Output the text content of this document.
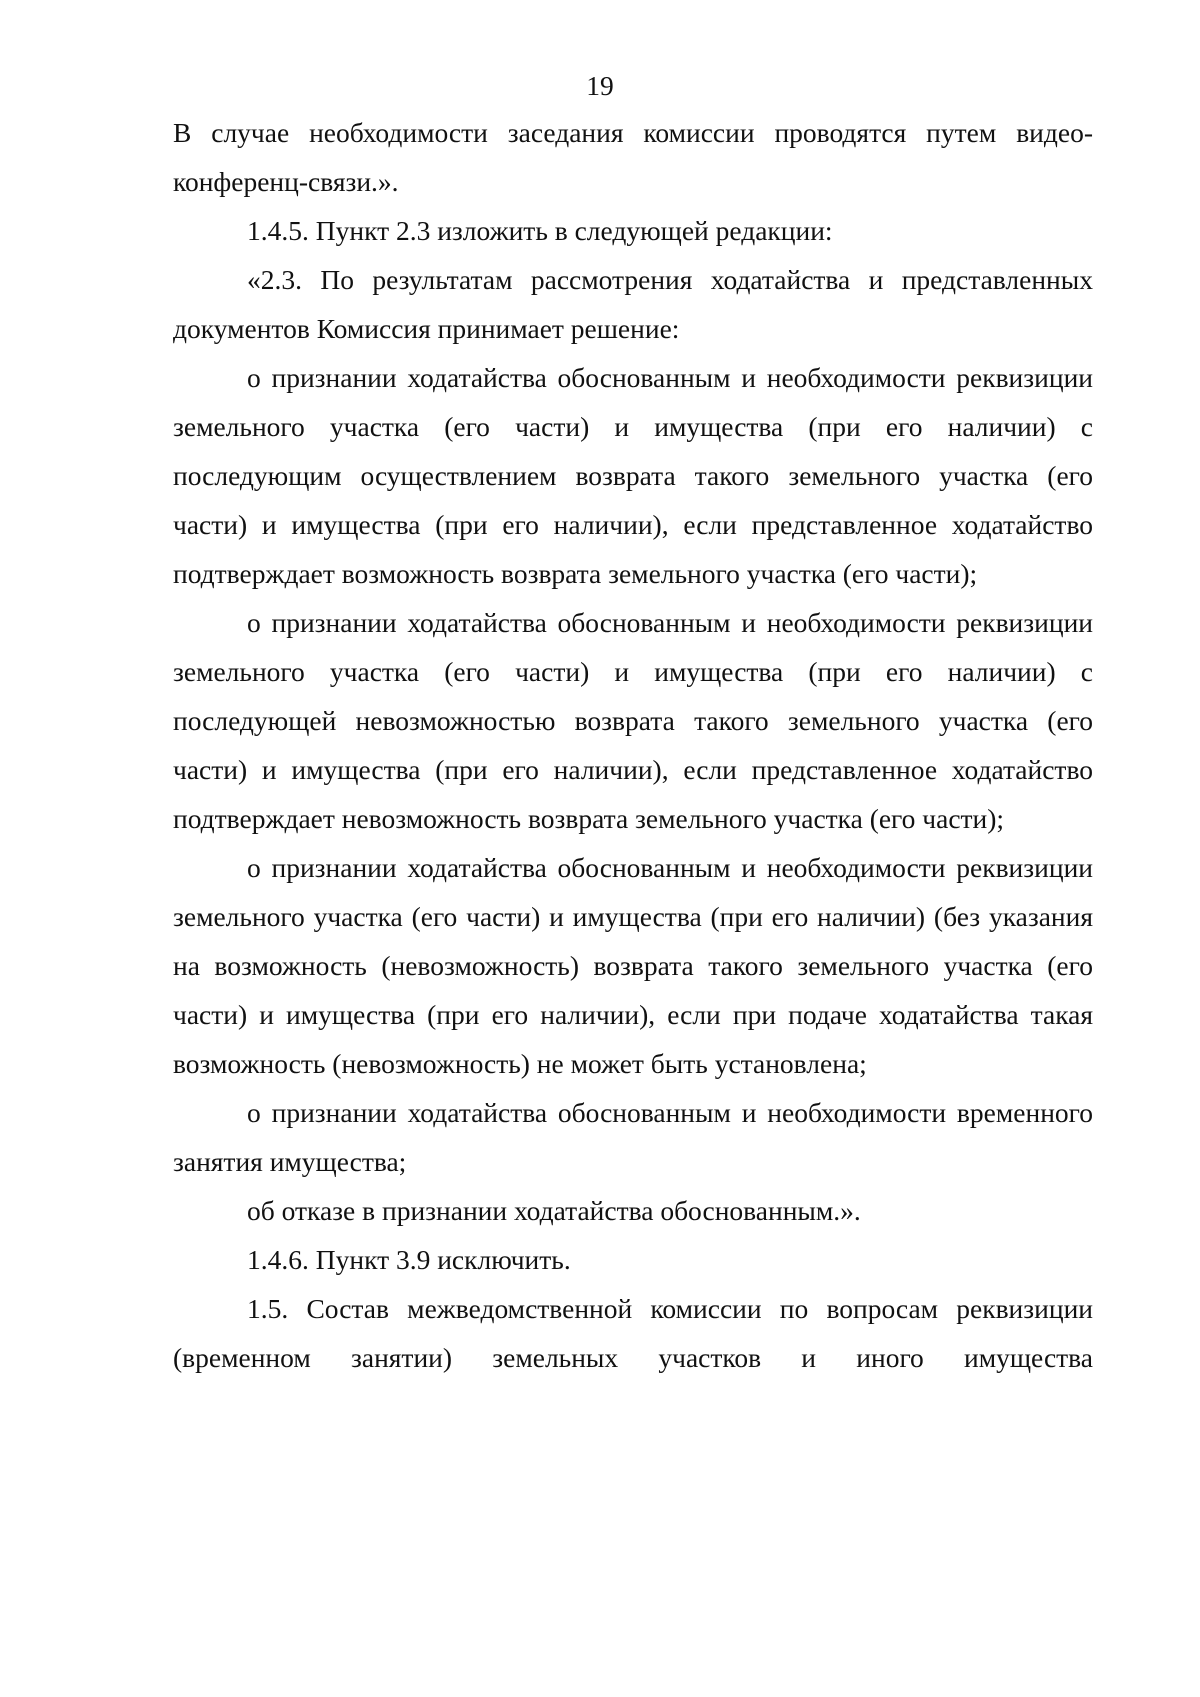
19

В случае необходимости заседания комиссии проводятся путем видео-конференц-связи.».

1.4.5. Пункт 2.3 изложить в следующей редакции:

«2.3. По результатам рассмотрения ходатайства и представленных документов Комиссия принимает решение:

о признании ходатайства обоснованным и необходимости реквизиции земельного участка (его части) и имущества (при его наличии) с последующим осуществлением возврата такого земельного участка (его части) и имущества (при его наличии), если представленное ходатайство подтверждает возможность возврата земельного участка (его части);

о признании ходатайства обоснованным и необходимости реквизиции земельного участка (его части) и имущества (при его наличии) с последующей невозможностью возврата такого земельного участка (его части) и имущества (при его наличии), если представленное ходатайство подтверждает невозможность возврата земельного участка (его части);

о признании ходатайства обоснованным и необходимости реквизиции земельного участка (его части) и имущества (при его наличии) (без указания на возможность (невозможность) возврата такого земельного участка (его части) и имущества (при его наличии), если при подаче ходатайства такая возможность (невозможность) не может быть установлена;

о признании ходатайства обоснованным и необходимости временного занятия имущества;

об отказе в признании ходатайства обоснованным.».

1.4.6. Пункт 3.9 исключить.

1.5. Состав межведомственной комиссии по вопросам реквизиции (временном занятии) земельных участков и иного имущества
